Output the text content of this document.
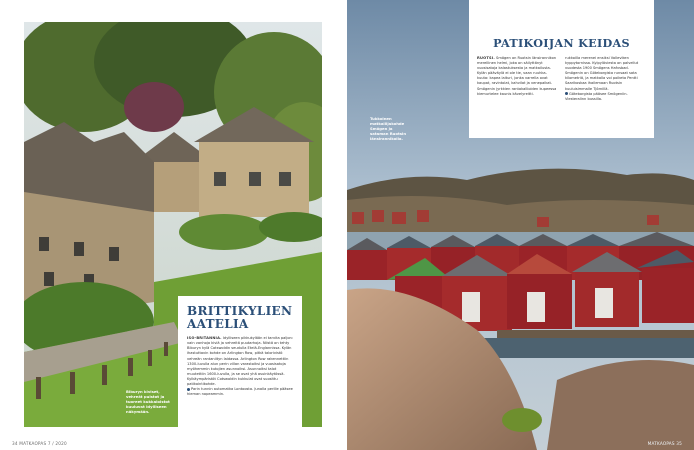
BRITTIKYLIEN AATELIA
ISO-BRITANNIA. Idylliseen pikkukylään ei tarvita paljon: vain vanhoja kiviä ja vehreitä puutarhoja. Niistä on tehty Biburyn kylä Cotswoldin seudulla Etelä-Englannissa. Kylän ihastuttavin kohde on Arlington Row, pitkä talorivistö vehreän rantaniityn laidassa. Arlington Row rakennettiin 1300-luvulla alun perin villan varastoiksi ja vuosisatoja myöhemmin kutojien asunnoiksi. Asunnoiksi talot muutettiin 1600-luvulla, ja se ovat yhä asuinkäytössä. Kylkäympäristöt Cotswoldin kukkulat ovat suosittu patikointikohde.
Parin tunnin automatka Lontoosta. Junalla perille pääsee hieman nopeammin.
Biburyn kiviset, vehreät puistot ja tuoreet kukkaloistot kuuluvat idylliseen näkymään.
34 MATKAOPAS 7 / 2020
PATIKOIJAN KEIDAS
RUOTSI. Smögen on Ruotsin länsirannikon merellinen helmi, joka on säilyttänyt vuosisatoja kalastuksesta ja matkailusta. Kylän pääväylä ei ole tie, vaan ruuhka-kuuta: kapea laituri, jonka varrella ovat kaupat, ravintolat, kahvilat ja venepaikat. Smögenin jyrkkien rantakallioiden kupeessa kiemurtelee kaunis kävelyreitti.
rukkoilla merenei ensiksi Valleviken kyppytornissa. Kylpyläviesta on palvellut vuodesta 1900 Smögens Hafvsbad. Smögenin on Göteborgista runsaat sata kilometriä, ja matkalla voi poiketa Pentti Saarikoskaa ihailemaan Ruotsin kuuluisimmalle Tjörnillä.
Göteborgista pääsee Smögeniin. Viesteralinn bussilla.
Tukkoinen matkailijakohde Smögen ja sataman Ruotsin länsirannikolla.
MATKAOPAS 35
